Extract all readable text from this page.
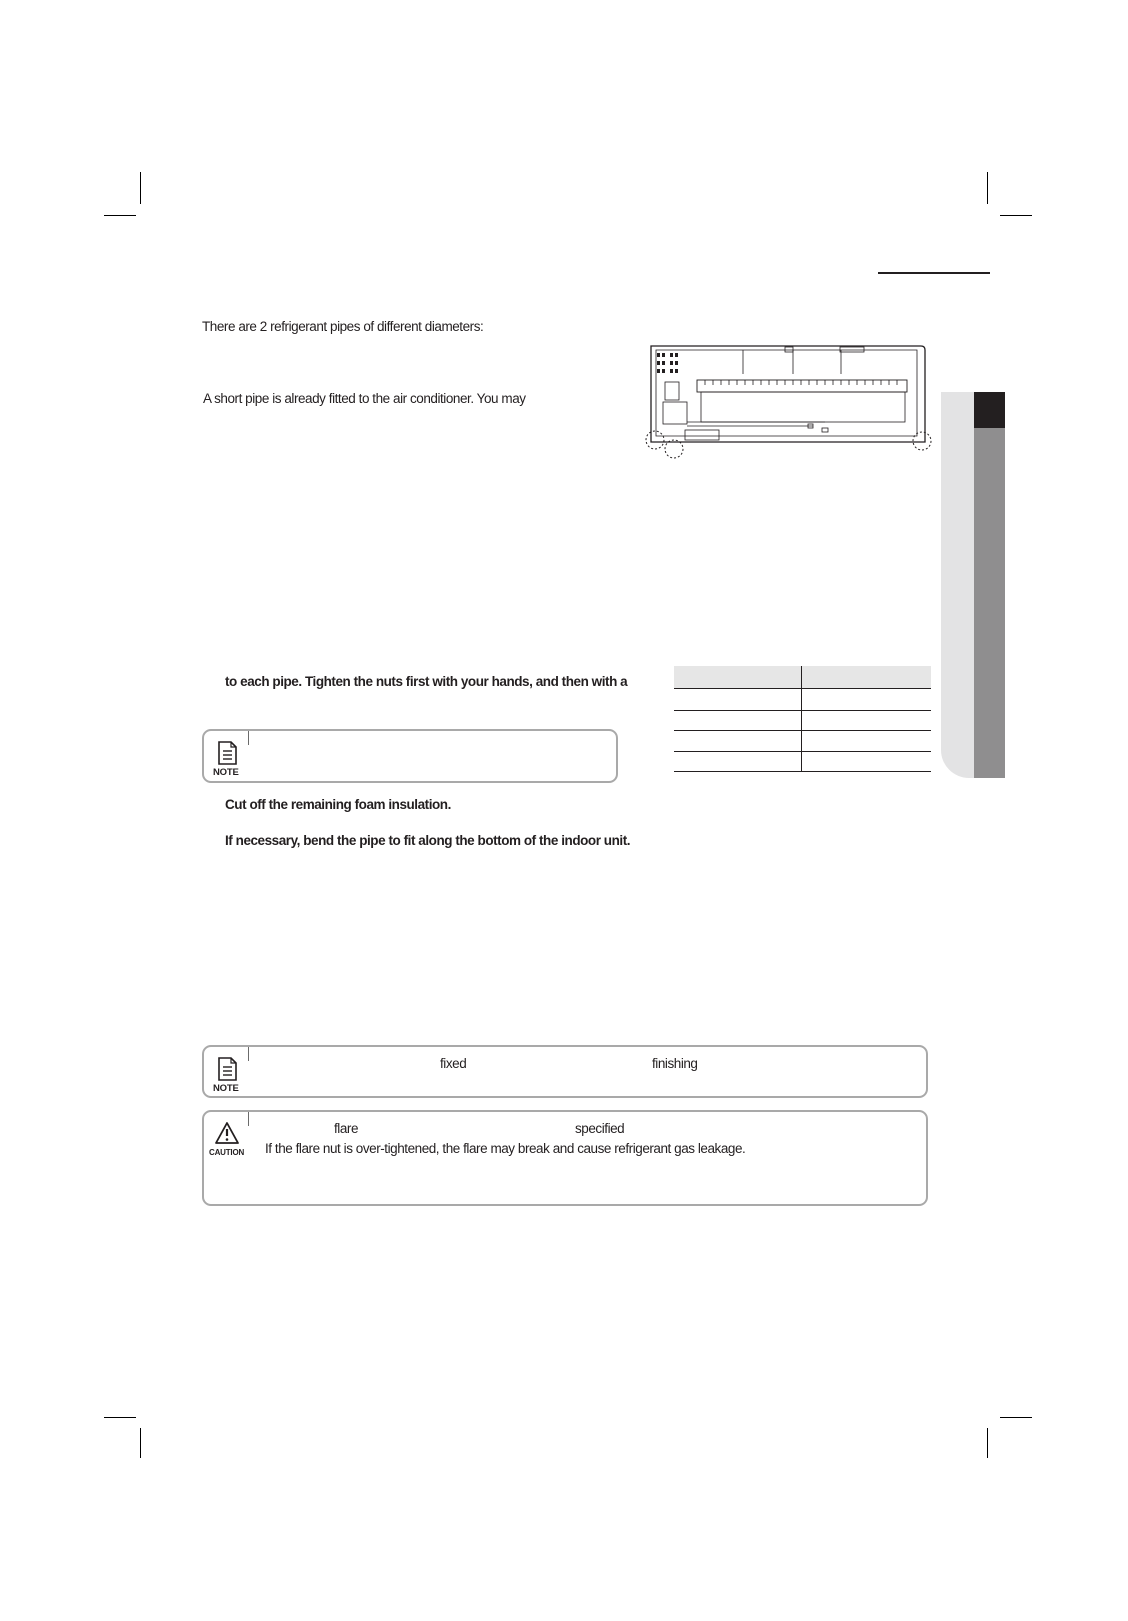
There are 2 refrigerant pipes of different diameters:
A short pipe is already fitted to the air conditioner. You may
to each pipe. Tighten the nuts first with your hands, and then with a
NOTE
Cut off the remaining foam insulation.
If necessary, bend the pipe to fit along the bottom of the indoor unit.
NOTE
fixed	finishing
CAUTION
flare	specified
If the flare nut is over-tightened, the flare may break and cause refrigerant gas leakage.
